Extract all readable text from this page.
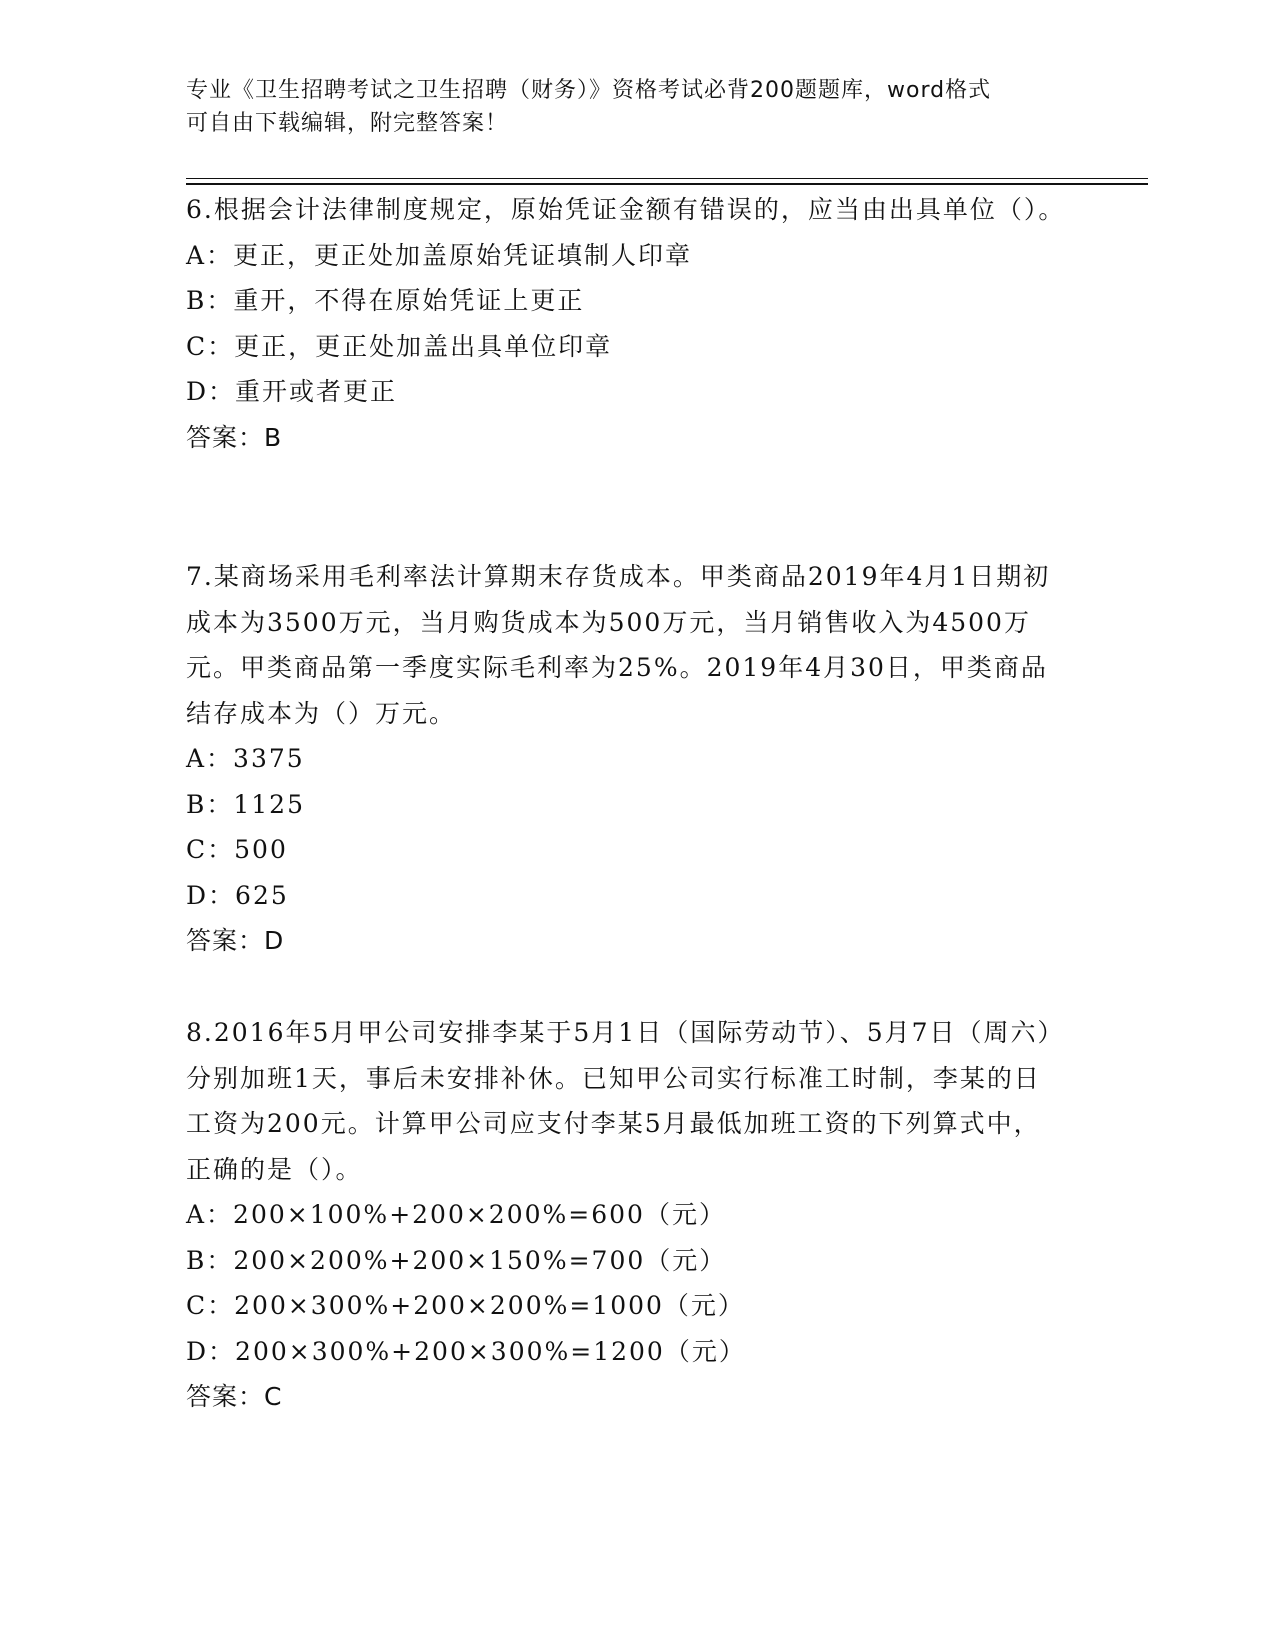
专业《卫生招聘考试之卫生招聘（财务）》资格考试必背200题题库，word格式
可自由下载编辑，附完整答案！

6.根据会计法律制度规定，原始凭证金额有错误的，应当由出具单位（）。

A：更正，更正处加盖原始凭证填制人印章

B：重开，不得在原始凭证上更正

C：更正，更正处加盖出具单位印章

D：重开或者更正

答案：B

7.某商场采用毛利率法计算期末存货成本。甲类商品2019年4月1日期初成本为3500万元，当月购货成本为500万元，当月销售收入为4500万元。甲类商品第一季度实际毛利率为25%。2019年4月30日，甲类商品结存成本为（）万元。

A：3375

B：1125

C：500

D：625

答案：D

8.2016年5月甲公司安排李某于5月1日（国际劳动节）、5月7日（周六）分别加班1天，事后未安排补休。已知甲公司实行标准工时制，李某的日工资为200元。计算甲公司应支付李某5月最低加班工资的下列算式中，正确的是（）。

A：200×100%+200×200%=600（元）

B：200×200%+200×150%=700（元）

C：200×300%+200×200%=1000（元）

D：200×300%+200×300%=1200（元）

答案：C
